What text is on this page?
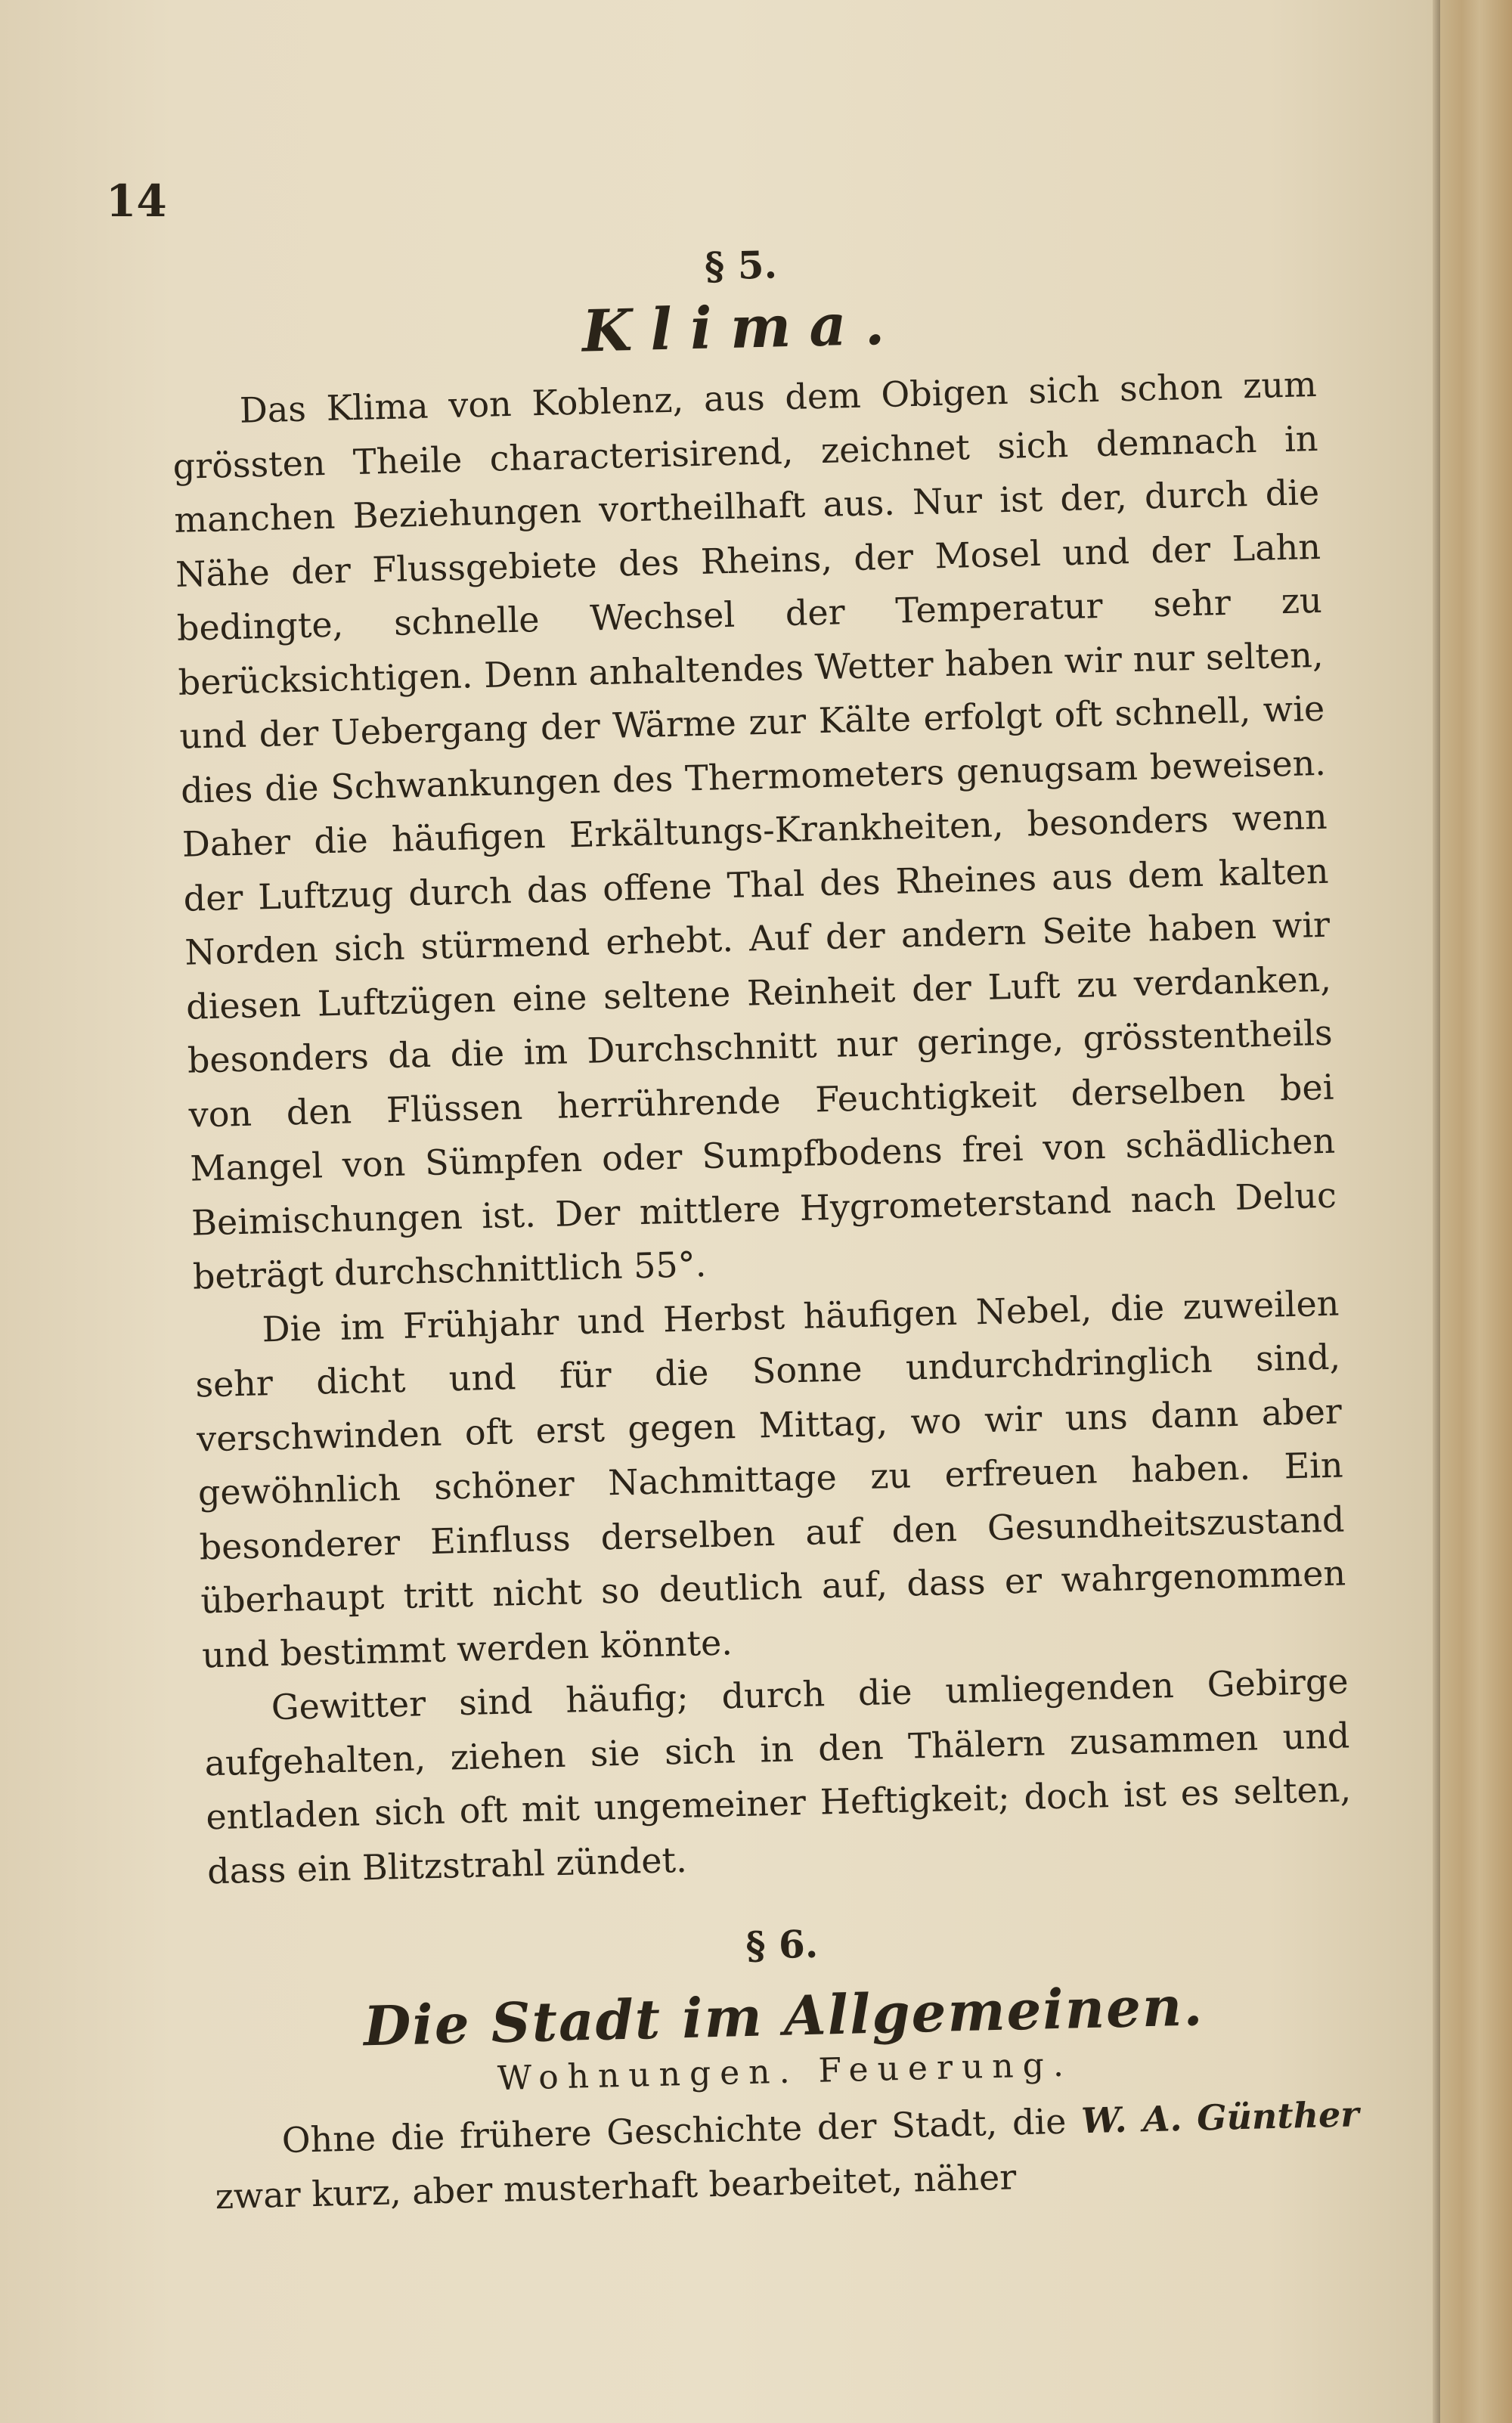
14
§ 5.
Klima.

Das Klima von Koblenz, aus dem Obigen sich schon zum grössten Theile characterisirend, zeichnet sich demnach in manchen Beziehungen vortheilhaft aus. Nur ist der, durch die Nähe der Flussgebiete des Rheins, der Mosel und der Lahn bedingte, schnelle Wechsel der Temperatur sehr zu berücksichtigen. Denn anhaltendes Wetter haben wir nur selten, und der Uebergang der Wärme zur Kälte erfolgt oft schnell, wie dies die Schwankungen des Thermometers genugsam beweisen. Daher die häufigen Erkältungs-Krankheiten, besonders wenn der Luftzug durch das offene Thal des Rheines aus dem kalten Norden sich stürmend erhebt. Auf der andern Seite haben wir diesen Luftzügen eine seltene Reinheit der Luft zu verdanken, besonders da die im Durchschnitt nur geringe, grösstentheils von den Flüssen herrührende Feuchtigkeit derselben bei Mangel von Sümpfen oder Sumpfbodens frei von schädlichen Beimischungen ist. Der mittlere Hygrometerstand nach Deluc beträgt durchschnittlich 55°.

Die im Frühjahr und Herbst häufigen Nebel, die zuweilen sehr dicht und für die Sonne undurchdringlich sind, verschwinden oft erst gegen Mittag, wo wir uns dann aber gewöhnlich schöner Nachmittage zu erfreuen haben. Ein besonderer Einfluss derselben auf den Gesundheitszustand überhaupt tritt nicht so deutlich auf, dass er wahrgenommen und bestimmt werden könnte.

Gewitter sind häufig; durch die umliegenden Gebirge aufgehalten, ziehen sie sich in den Thälern zusammen und entladen sich oft mit ungemeiner Heftigkeit; doch ist es selten, dass ein Blitzstrahl zündet.

§ 6.
Die Stadt im Allgemeinen.
Wohnungen. Feuerung.

Ohne die frühere Geschichte der Stadt, die W. A. Günther zwar kurz, aber musterhaft bearbeitet, näher
